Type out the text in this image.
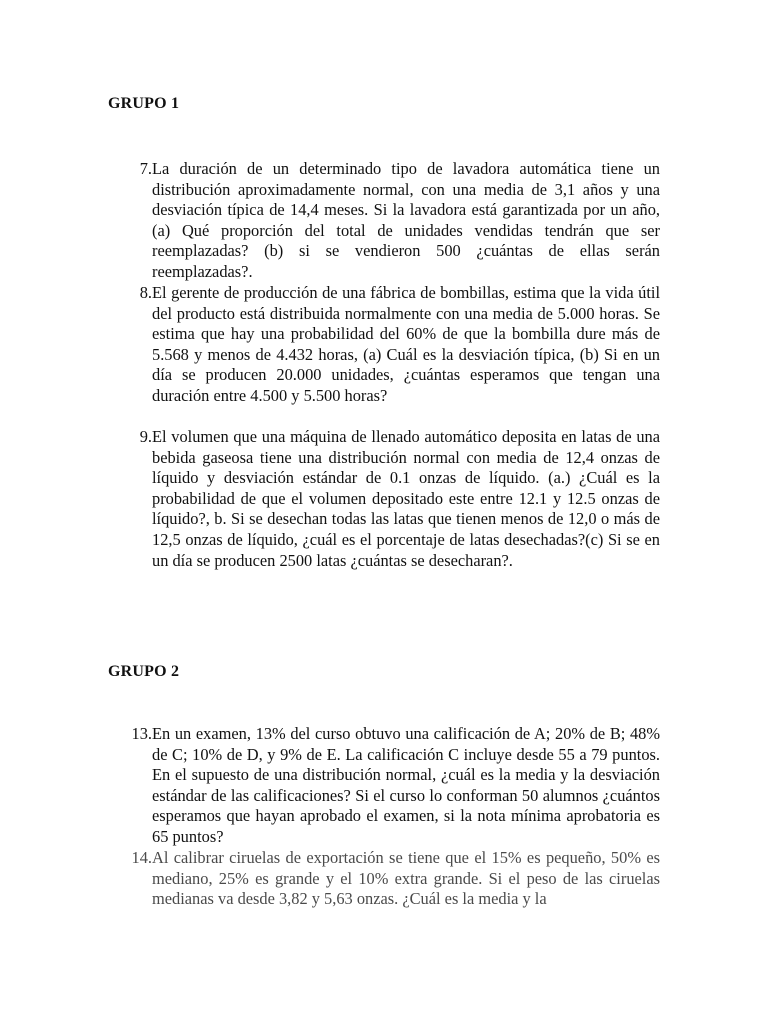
GRUPO 1
7. La duración de un determinado tipo de lavadora automática tiene un distribución aproximadamente normal, con una media de 3,1 años y una desviación típica de 14,4 meses. Si la lavadora está garantizada por un año, (a) Qué proporción del total de unidades vendidas tendrán que ser reemplazadas? (b) si se vendieron 500 ¿cuántas de ellas serán reemplazadas?.
8. El gerente de producción de una fábrica de bombillas, estima que la vida útil del producto está distribuida normalmente con una media de 5.000 horas. Se estima que hay una probabilidad del 60% de que la bombilla dure más de 5.568 y menos de 4.432 horas, (a) Cuál es la desviación típica, (b) Si en un día se producen 20.000 unidades, ¿cuántas esperamos que tengan una duración entre 4.500 y 5.500 horas?
9. El volumen que una máquina de llenado automático deposita en latas de una bebida gaseosa tiene una distribución normal con media de 12,4 onzas de líquido y desviación estándar de 0.1 onzas de líquido. (a.) ¿Cuál es la probabilidad de que el volumen depositado este entre 12.1 y 12.5 onzas de líquido?, b. Si se desechan todas las latas que tienen menos de 12,0 o más de 12,5 onzas de líquido, ¿cuál es el porcentaje de latas desechadas?(c) Si se en un día se producen 2500 latas ¿cuántas se desecharan?.
GRUPO 2
13. En un examen, 13% del curso obtuvo una calificación de A; 20% de B; 48% de C; 10% de D, y 9% de E. La calificación C incluye desde 55 a 79 puntos. En el supuesto de una distribución normal, ¿cuál es la media y la desviación estándar de las calificaciones? Si el curso lo conforman 50 alumnos ¿cuántos esperamos que hayan aprobado el examen, si la nota mínima aprobatoria es 65 puntos?
14. Al calibrar ciruelas de exportación se tiene que el 15% es pequeño, 50% es mediano, 25% es grande y el 10% extra grande. Si el peso de las ciruelas medianas va desde 3,82 y 5,63 onzas. ¿Cuál es la media y la
